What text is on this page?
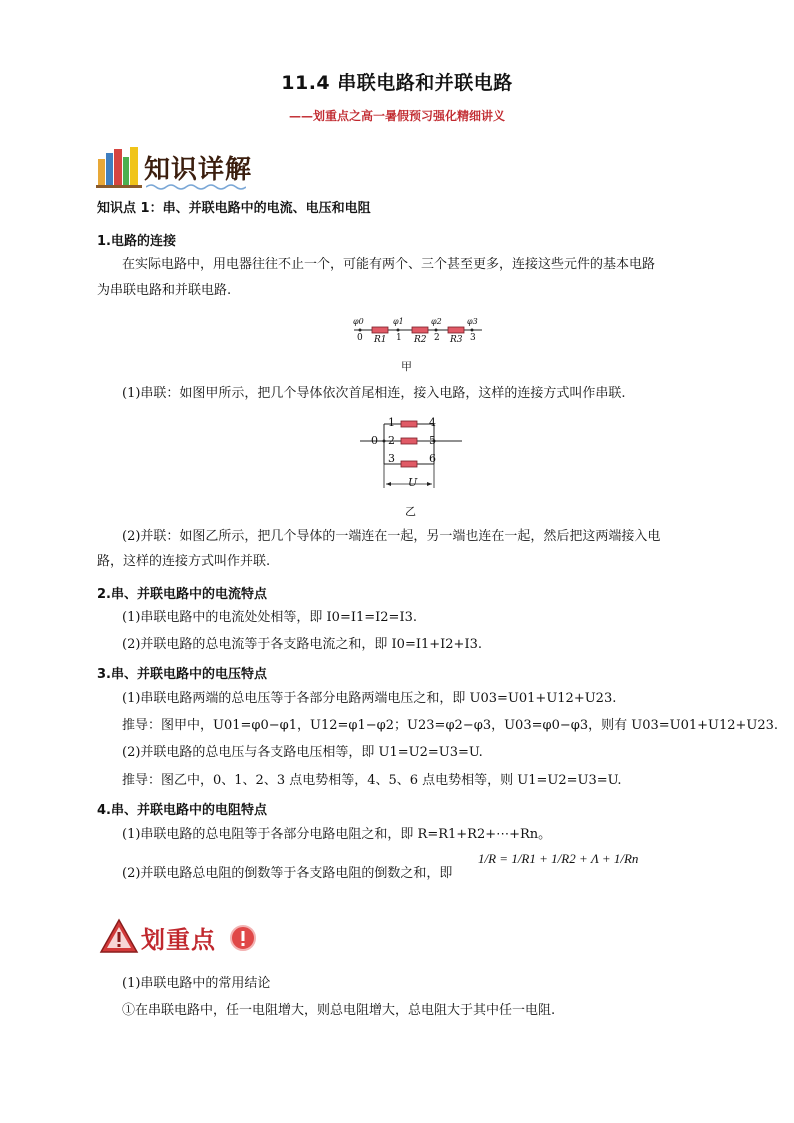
11.4 串联电路和并联电路
——划重点之高一暑假预习强化精细讲义
知识详解
知识点 1：串、并联电路中的电流、电压和电阻
1.电路的连接
在实际电路中，用电器往往不止一个，可能有两个、三个甚至更多，连接这些元件的基本电路
为串联电路和并联电路.
φ0	φ1	φ2	φ3
0	1	2	3
R1	R2	R3
甲
(1)串联：如图甲所示，把几个导体依次首尾相连，接入电路，这样的连接方式叫作串联.
0
1
2
3
4
5
6
U
乙
(2)并联：如图乙所示，把几个导体的一端连在一起，另一端也连在一起，然后把这两端接入电
路，这样的连接方式叫作并联.
2.串、并联电路中的电流特点
(1)串联电路中的电流处处相等，即 I0=I1=I2=I3.
(2)并联电路的总电流等于各支路电流之和，即 I0=I1+I2+I3.
3.串、并联电路中的电压特点
(1)串联电路两端的总电压等于各部分电路两端电压之和，即 U03=U01+U12+U23.
推导：图甲中，U01=φ0−φ1，U12=φ1−φ2；U23=φ2−φ3，U03=φ0−φ3，则有 U03=U01+U12+U23.
(2)并联电路的总电压与各支路电压相等，即 U1=U2=U3=U.
推导：图乙中，0、1、2、3 点电势相等，4、5、6 点电势相等，则 U1=U2=U3=U.
4.串、并联电路中的电阻特点
(1)串联电路的总电阻等于各部分电路电阻之和，即 R=R1+R2+⋯+Rn。
(2)并联电路总电阻的倒数等于各支路电阻的倒数之和，即
1/R = 1/R1 + 1/R2 + Λ + 1/Rn
划重点
(1)串联电路中的常用结论
①在串联电路中，任一电阻增大，则总电阻增大，总电阻大于其中任一电阻.
